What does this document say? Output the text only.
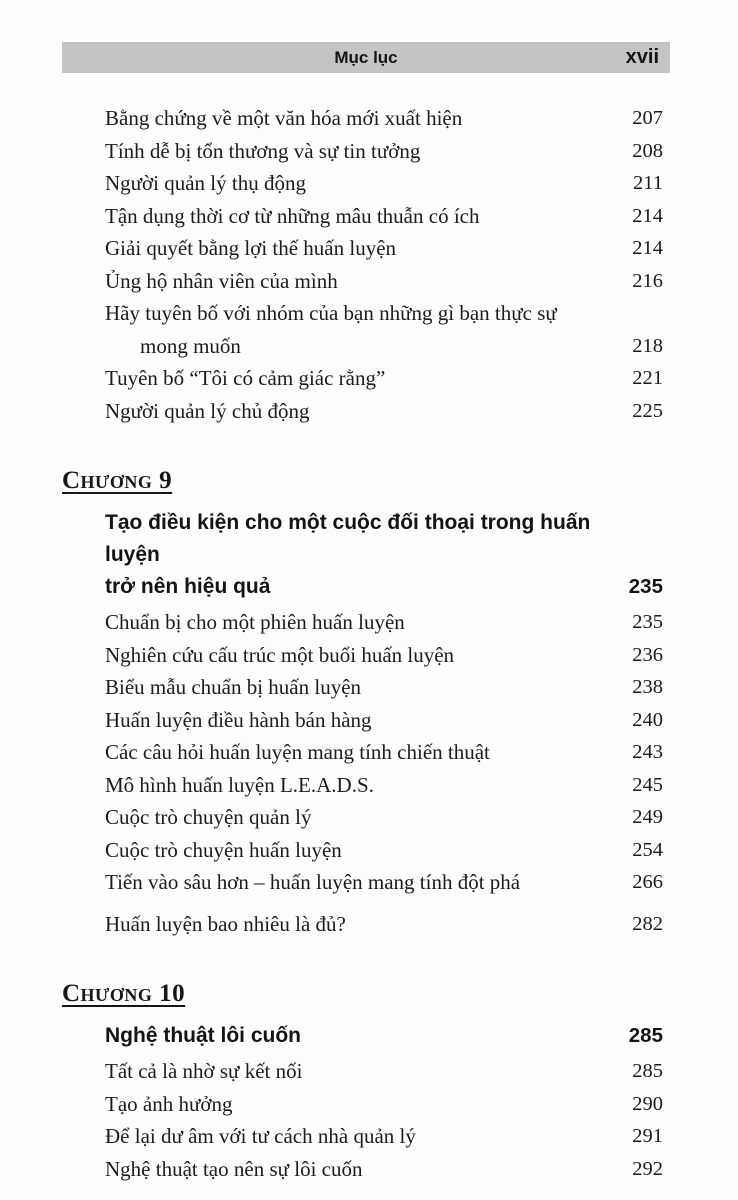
Mục lục	xvii
Bằng chứng về một văn hóa mới xuất hiện	207
Tính dễ bị tổn thương và sự tin tưởng	208
Người quản lý thụ động	211
Tận dụng thời cơ từ những mâu thuẫn có ích	214
Giải quyết bằng lợi thế huấn luyện	214
Ủng hộ nhân viên của mình	216
Hãy tuyên bố với nhóm của bạn những gì bạn thực sự
mong muốn	218
Tuyên bố “Tôi có cảm giác rằng”	221
Người quản lý chủ động	225
Chương 9
Tạo điều kiện cho một cuộc đối thoại trong huấn luyện
trở nên hiệu quả	235
Chuẩn bị cho một phiên huấn luyện	235
Nghiên cứu cấu trúc một buổi huấn luyện	236
Biểu mẫu chuẩn bị huấn luyện	238
Huấn luyện điều hành bán hàng	240
Các câu hỏi huấn luyện mang tính chiến thuật	243
Mô hình huấn luyện L.E.A.D.S.	245
Cuộc trò chuyện quản lý	249
Cuộc trò chuyện huấn luyện	254
Tiến vào sâu hơn – huấn luyện mang tính đột phá	266
Huấn luyện bao nhiêu là đủ?	282
Chương 10
Nghệ thuật lôi cuốn	285
Tất cả là nhờ sự kết nối	285
Tạo ảnh hưởng	290
Để lại dư âm với tư cách nhà quản lý	291
Nghệ thuật tạo nên sự lôi cuốn	292
